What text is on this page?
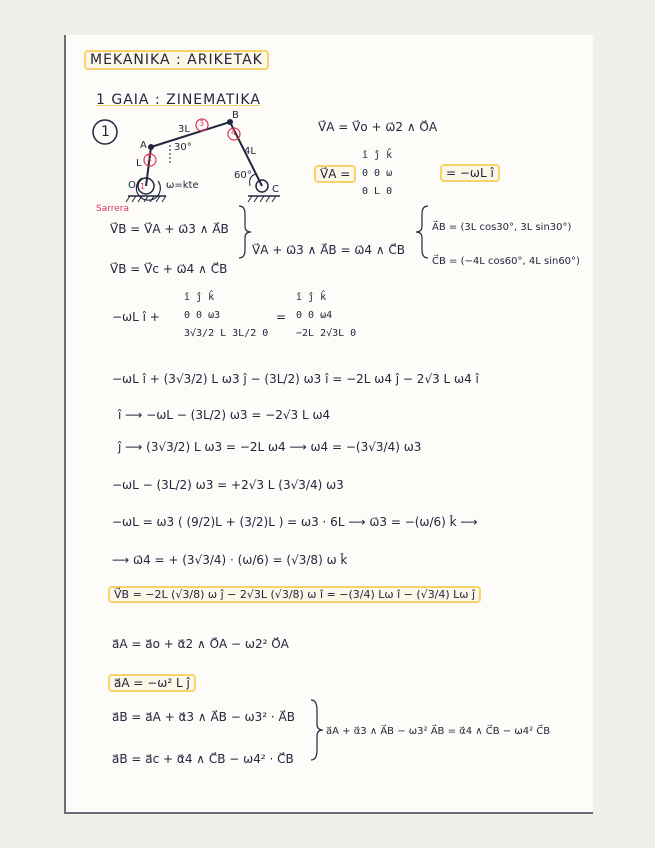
MEKANIKA : ARIKETAK
1 GAIA : ZINEMATIKA
1
A
B
C
O
3L
L
4L
30°
60°
ω=kte
Sarrera
1
2
3
4	V⃗A = V⃗o + ω⃗2 ∧ O⃗A
V⃗A =
î ĵ k̂
0 0 ω
0 L 0
= −ωL î
V⃗B = V⃗A + ω⃗3 ∧ A⃗B
V⃗B = V⃗c + ω⃗4 ∧ C⃗B
V⃗A + ω⃗3 ∧ A⃗B = ω⃗4 ∧ C⃗B
A⃗B = (3L cos30°, 3L sin30°)
C⃗B = (−4L cos60°, 4L sin60°)
−ωL î +
î ĵ k̂
0 0 ω3
3√3/2 L 3L/2 0
=
î ĵ k̂
0 0 ω4
−2L 2√3L 0
−ωL î + (3√3/2) L ω3 ĵ − (3L/2) ω3 î = −2L ω4 ĵ − 2√3 L ω4 î
î ⟶ −ωL − (3L/2) ω3 = −2√3 L ω4
ĵ ⟶ (3√3/2) L ω3 = −2L ω4 ⟶ ω4 = −(3√3/4) ω3
−ωL − (3L/2) ω3 = +2√3 L (3√3/4) ω3
−ωL = ω3 ( (9/2)L + (3/2)L ) = ω3 · 6L ⟶ ω⃗3 = −(ω/6) k̂ ⟶
⟶ ω⃗4 = + (3√3/4) · (ω/6) = (√3/8) ω k̂
V⃗B = −2L (√3/8) ω ĵ − 2√3L (√3/8) ω î = −(3/4) Lω î − (√3/4) Lω ĵ
a⃗A = a⃗o + α⃗2 ∧ O⃗A − ω2² O⃗A
a⃗A = −ω² L ĵ
a⃗B = a⃗A + α⃗3 ∧ A⃗B − ω3² · A⃗B
a⃗B = a⃗c + α⃗4 ∧ C⃗B − ω4² · C⃗B
a⃗A + α⃗3 ∧ A⃗B − ω3² A⃗B = α⃗4 ∧ C⃗B − ω4² C⃗B
